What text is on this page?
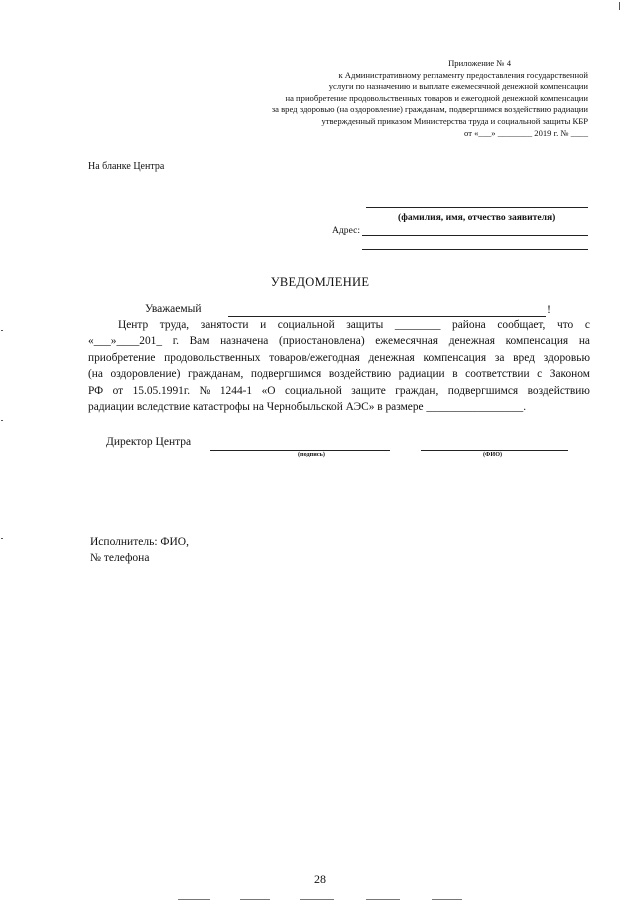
Приложение № 4
к Административному регламенту предоставления государственной
услуги по назначению и выплате ежемесячной денежной компенсации
на приобретение продовольственных товаров и ежегодной денежной компенсации
за вред здоровью (на оздоровление) гражданам, подвергшимся воздействию радиации
утвержденный приказом Министерства труда и социальной защиты КБР
от «___» ________ 2019 г. № ____
На бланке Центра
(фамилия, имя, отчество заявителя)
Адрес:
УВЕДОМЛЕНИЕ
Уважаемый	!
Центр труда, занятости и социальной защиты ________ района сообщает, что с
«___»____201_ г. Вам назначена (приостановлена) ежемесячная денежная компенсация на
приобретение продовольственных товаров/ежегодная денежная компенсация за вред здоровью
(на оздоровление) гражданам, подвергшимся воздействию радиации в соответствии с Законом
РФ от 15.05.1991г. № 1244-1 «О социальной защите граждан, подвергшимся воздействию
радиации вследствие катастрофы на Чернобыльской АЭС» в размере _________________.
Директор Центра
(подпись)	(ФИО)
Исполнитель: ФИО,
№ телефона
28
